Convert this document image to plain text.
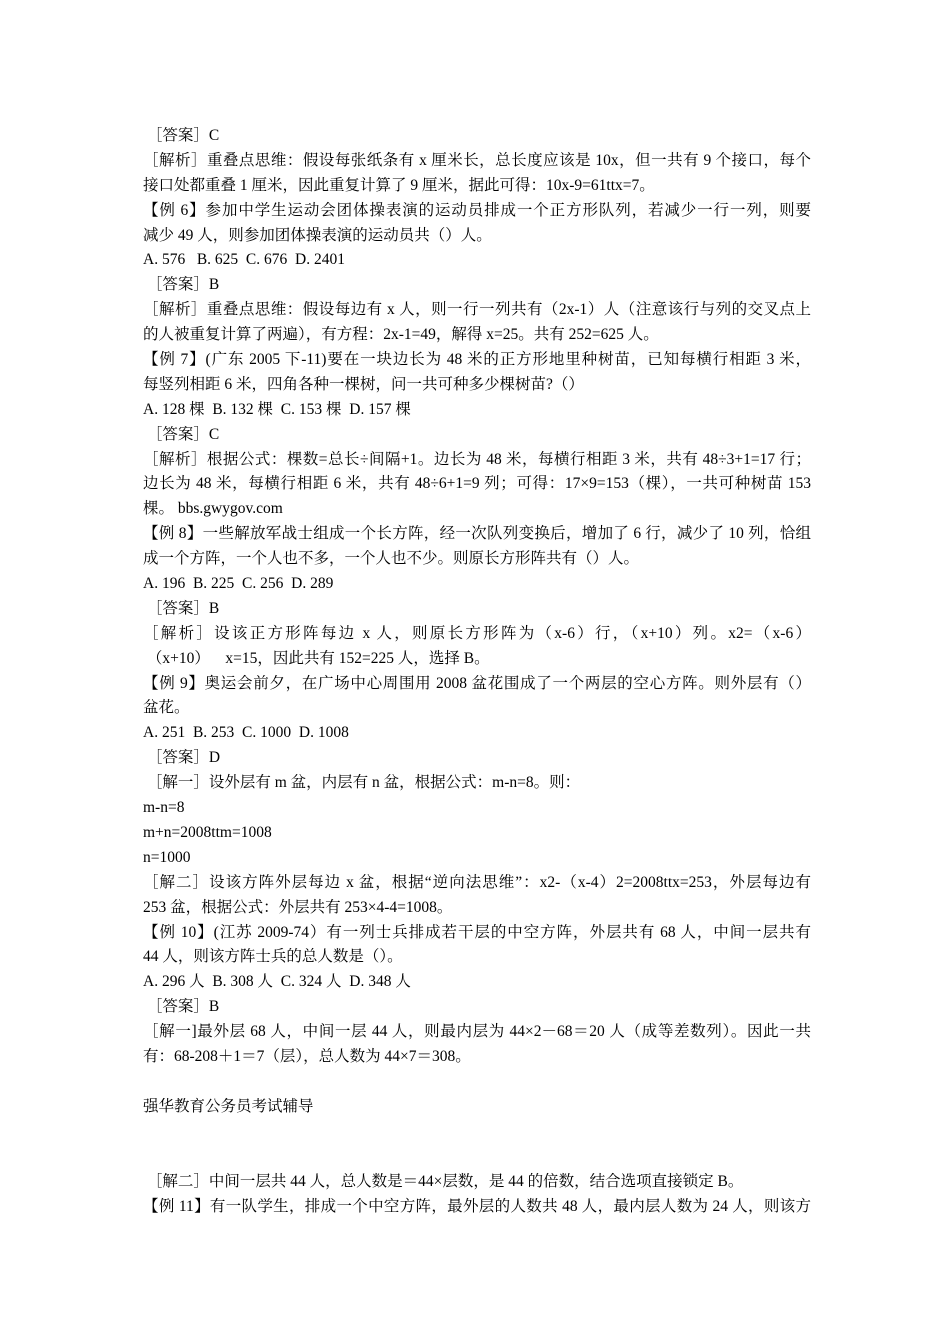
［答案］C
［解析］重叠点思维：假设每张纸条有 x 厘米长，总长度应该是 10x，但一共有 9 个接口，每个
接口处都重叠 1 厘米，因此重复计算了 9 厘米，据此可得：10x-9=61ttx=7。
【例 6】参加中学生运动会团体操表演的运动员排成一个正方形队列，若减少一行一列，则要
减少 49 人，则参加团体操表演的运动员共（）人。
A. 576   B. 625  C. 676  D. 2401
［答案］B
［解析］重叠点思维：假设每边有 x 人，则一行一列共有（2x-1）人（注意该行与列的交叉点上
的人被重复计算了两遍），有方程：2x-1=49，解得 x=25。共有 252=625 人。
【例 7】(广东 2005 下-11)要在一块边长为 48 米的正方形地里种树苗，已知每横行相距 3 米，
每竖列相距 6 米，四角各种一棵树，问一共可种多少棵树苗?（）
A. 128 棵  B. 132 棵  C. 153 棵  D. 157 棵
［答案］C
［解析］根据公式：棵数=总长÷间隔+1。边长为 48 米，每横行相距 3 米，共有 48÷3+1=17 行；
边长为 48 米，每横行相距 6 米，共有 48÷6+1=9 列；可得：17×9=153（棵），一共可种树苗 153
棵。 bbs.gwygov.com
【例 8】一些解放军战士组成一个长方阵，经一次队列变换后，增加了 6 行，减少了 10 列，恰组
成一个方阵，一个人也不多，一个人也不少。则原长方形阵共有（）人。
A. 196  B. 225  C. 256  D. 289
［答案］B
［解析］设该正方形阵每边 x 人，则原长方形阵为（x-6）行，（x+10）列。x2=（x-6）
（x+10）    x=15，因此共有 152=225 人，选择 B。
【例 9】奥运会前夕，在广场中心周围用 2008 盆花围成了一个两层的空心方阵。则外层有（）
盆花。
A. 251  B. 253  C. 1000  D. 1008
［答案］D
［解一］设外层有 m 盆，内层有 n 盆，根据公式：m-n=8。则：
m-n=8
m+n=2008ttm=1008
n=1000
［解二］设该方阵外层每边 x 盆，根据“逆向法思维”：x2-（x-4）2=2008ttx=253，外层每边有
253 盆，根据公式：外层共有 253×4-4=1008。
【例 10】(江苏 2009-74）有一列士兵排成若干层的中空方阵，外层共有 68 人，中间一层共有
44 人，则该方阵士兵的总人数是（）。
A. 296 人  B. 308 人  C. 324 人  D. 348 人
［答案］B
［解一]最外层 68 人，中间一层 44 人，则最内层为 44×2－68＝20 人（成等差数列）。因此一共
有：68-208＋1＝7（层），总人数为 44×7＝308。
强华教育公务员考试辅导
［解二］中间一层共 44 人，总人数是＝44×层数，是 44 的倍数，结合选项直接锁定 B。
【例 11】有一队学生，排成一个中空方阵，最外层的人数共 48 人，最内层人数为 24 人，则该方
